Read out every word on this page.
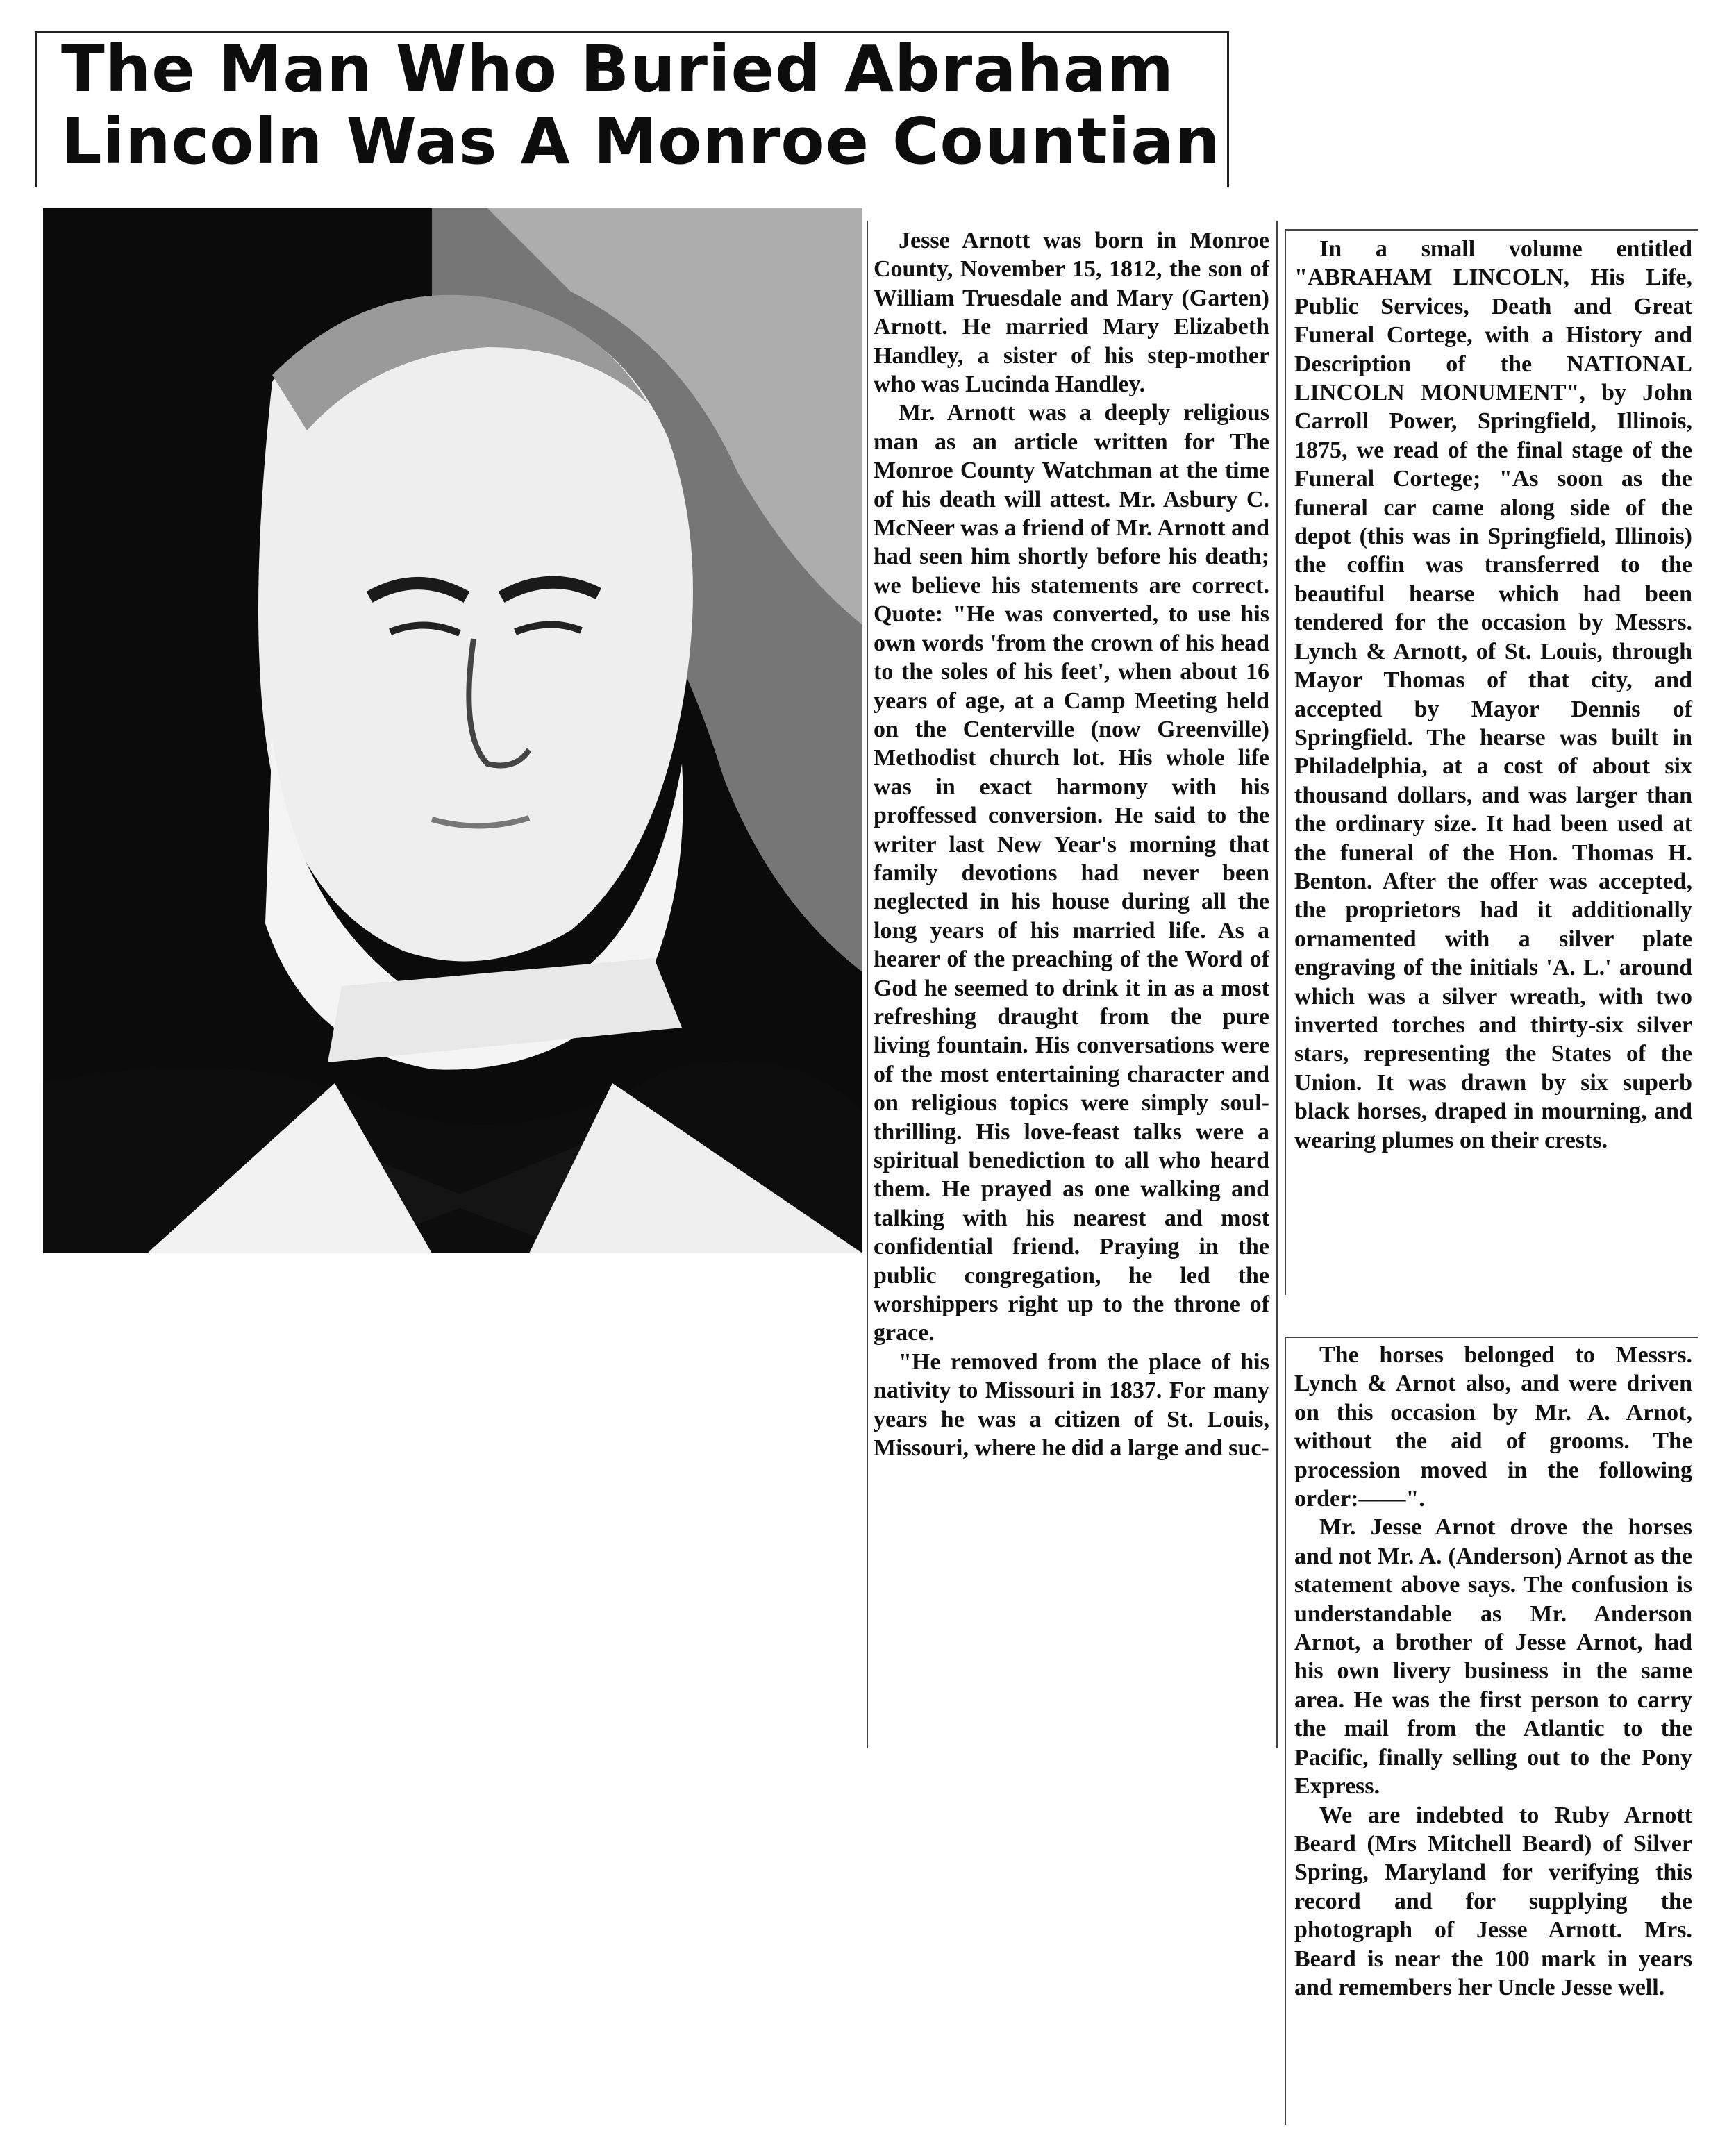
The Man Who Buried Abraham
Lincoln Was A Monroe Countian

Jesse Arnott was born in Monroe County, November 15, 1812, the son of William Truesdale and Mary (Garten) Arnott. He married Mary Elizabeth Handley, a sister of his step-mother who was Lucinda Handley.

Mr. Arnott was a deeply religious man as an article written for The Monroe County Watchman at the time of his death will attest. Mr. Asbury C. McNeer was a friend of Mr. Arnott and had seen him shortly before his death; we believe his statements are correct. Quote: "He was converted, to use his own words 'from the crown of his head to the soles of his feet', when about 16 years of age, at a Camp Meeting held on the Centerville (now Greenville) Methodist church lot. His whole life was in exact harmony with his proffessed conversion. He said to the writer last New Year's morning that family devotions had never been neglected in his house during all the long years of his married life. As a hearer of the preaching of the Word of God he seemed to drink it in as a most refreshing draught from the pure living fountain. His conversations were of the most entertaining character and on religious topics were simply soul-thrilling. His love-feast talks were a spiritual benediction to all who heard them. He prayed as one walking and talking with his nearest and most confidential friend. Praying in the public congregation, he led the worshippers right up to the throne of grace.

"He removed from the place of his nativity to Missouri in 1837. For many years he was a citizen of St. Louis, Missouri, where he did a large and suc-

In a small volume entitled "ABRAHAM LINCOLN, His Life, Public Services, Death and Great Funeral Cortege, with a History and Description of the NATIONAL LINCOLN MONUMENT", by John Carroll Power, Springfield, Illinois, 1875, we read of the final stage of the Funeral Cortege; "As soon as the funeral car came along side of the depot (this was in Springfield, Illinois) the coffin was transferred to the beautiful hearse which had been tendered for the occasion by Messrs. Lynch & Arnott, of St. Louis, through Mayor Thomas of that city, and accepted by Mayor Dennis of Springfield. The hearse was built in Philadelphia, at a cost of about six thousand dollars, and was larger than the ordinary size. It had been used at the funeral of the Hon. Thomas H. Benton. After the offer was accepted, the proprietors had it additionally ornamented with a silver plate engraving of the initials 'A. L.' around which was a silver wreath, with two inverted torches and thirty-six silver stars, representing the States of the Union. It was drawn by six superb black horses, draped in mourning, and wearing plumes on their crests.

The horses belonged to Messrs. Lynch & Arnot also, and were driven on this occasion by Mr. A. Arnot, without the aid of grooms. The procession moved in the following order:——".

Mr. Jesse Arnot drove the horses and not Mr. A. (Anderson) Arnot as the statement above says. The confusion is understandable as Mr. Anderson Arnot, a brother of Jesse Arnot, had his own livery business in the same area. He was the first person to carry the mail from the Atlantic to the Pacific, finally selling out to the Pony Express.

We are indebted to Ruby Arnott Beard (Mrs Mitchell Beard) of Silver Spring, Maryland for verifying this record and for supplying the photograph of Jesse Arnott. Mrs. Beard is near the 100 mark in years and remembers her Uncle Jesse well.
